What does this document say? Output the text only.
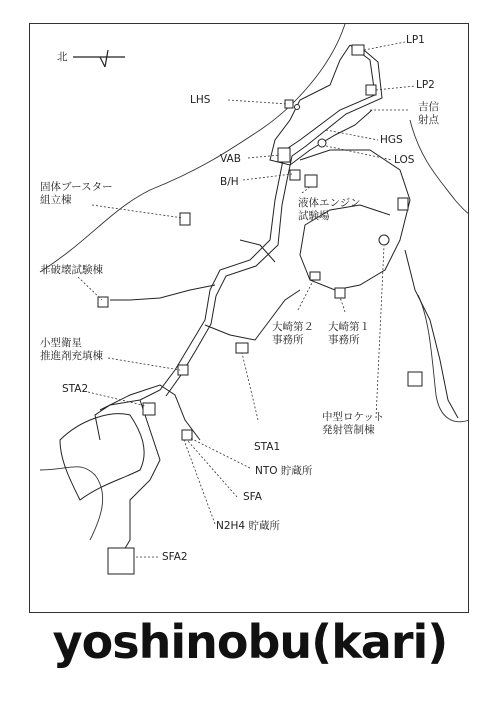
北
LP1
LP2
LHS
吉信
射点
HGS
VAB	LOS
B/H
固体ブースター
組立棟	液体エンジン
試験場
非破壊試験棟
大崎第２
事務所
大崎第１
事務所
小型衛星
推進剤充填棟
STA2
STA1
中型ロケット
発射管制棟
NTO 貯蔵所
SFA
N2H4 貯蔵所
SFA2
yoshinobu(kari)
